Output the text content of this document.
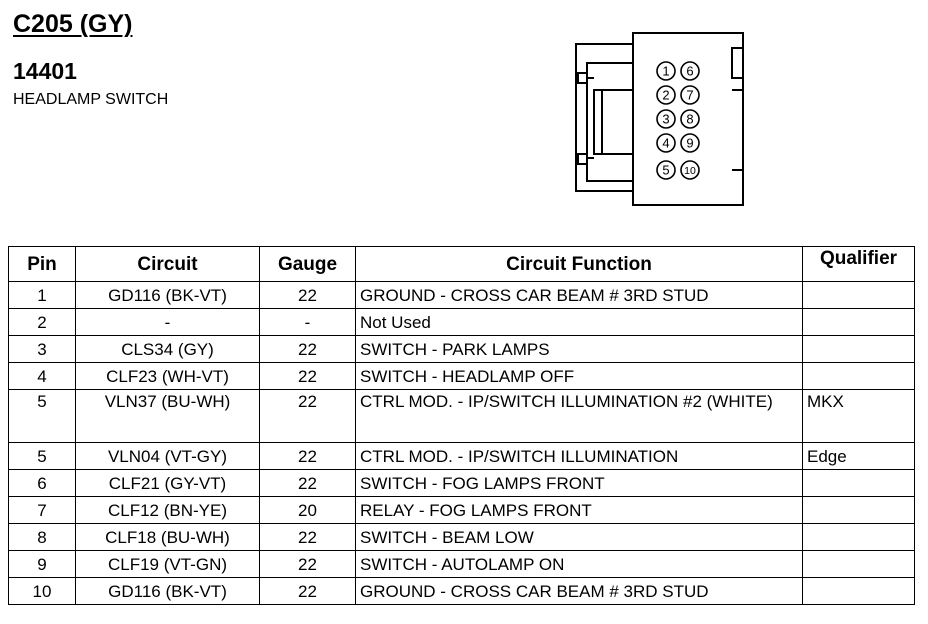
C205 (GY)
14401
HEADLAMP SWITCH
1 6
2 7
3 8
4 9
5 10
Pin	Circuit	Gauge	Circuit Function	Qualifier
1	GD116 (BK-VT)	22	GROUND - CROSS CAR BEAM # 3RD STUD	
2	-	-	Not Used	
3	CLS34 (GY)	22	SWITCH - PARK LAMPS	
4	CLF23 (WH-VT)	22	SWITCH - HEADLAMP OFF	
5	VLN37 (BU-WH)	22	CTRL MOD. - IP/SWITCH ILLUMINATION #2 (WHITE)	MKX
5	VLN04 (VT-GY)	22	CTRL MOD. - IP/SWITCH ILLUMINATION	Edge
6	CLF21 (GY-VT)	22	SWITCH - FOG LAMPS FRONT	
7	CLF12 (BN-YE)	20	RELAY - FOG LAMPS FRONT	
8	CLF18 (BU-WH)	22	SWITCH - BEAM LOW	
9	CLF19 (VT-GN)	22	SWITCH - AUTOLAMP ON	
10	GD116 (BK-VT)	22	GROUND - CROSS CAR BEAM # 3RD STUD	
